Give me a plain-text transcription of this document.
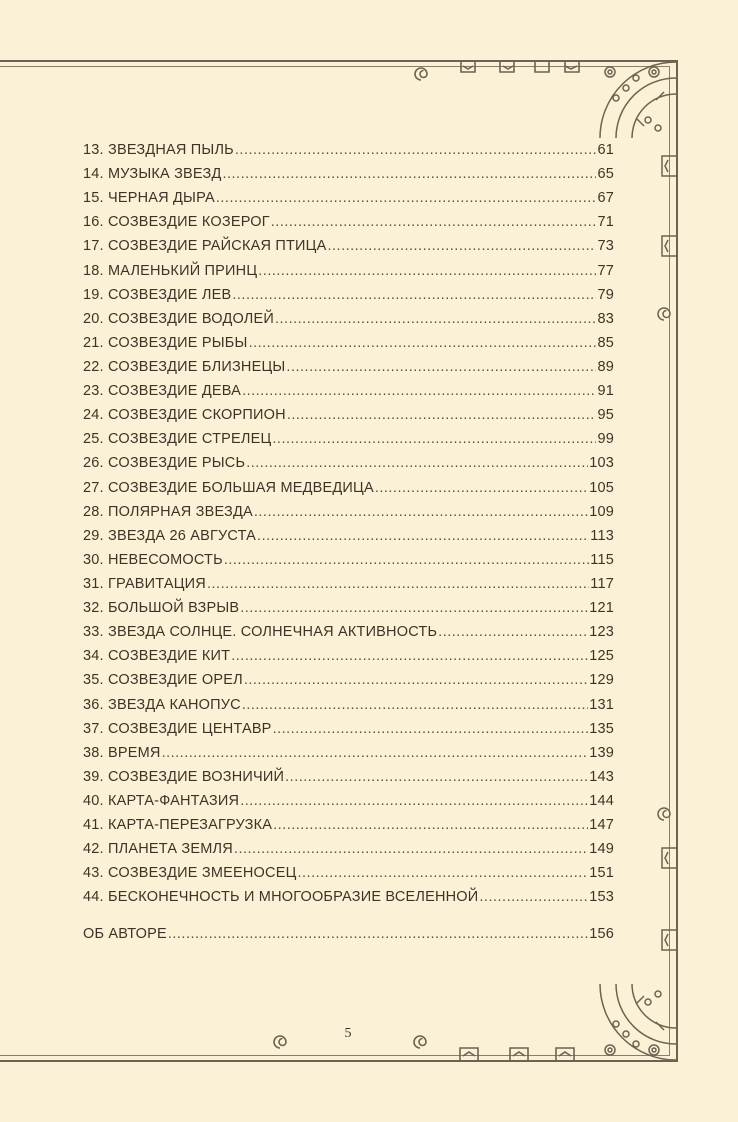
13. ЗВЕЗДНАЯ ПЫЛЬ .....	61
14. МУЗЫКА ЗВЕЗД .....	65
15. ЧЕРНАЯ ДЫРА .....	67
16. СОЗВЕЗДИЕ КОЗЕРОГ .....	71
17. СОЗВЕЗДИЕ РАЙСКАЯ ПТИЦА .....	73
18. МАЛЕНЬКИЙ ПРИНЦ .....	77
19. СОЗВЕЗДИЕ ЛЕВ .....	79
20. СОЗВЕЗДИЕ ВОДОЛЕЙ .....	83
21. СОЗВЕЗДИЕ РЫБЫ .....	85
22. СОЗВЕЗДИЕ БЛИЗНЕЦЫ .....	89
23. СОЗВЕЗДИЕ ДЕВА .....	91
24. СОЗВЕЗДИЕ СКОРПИОН .....	95
25. СОЗВЕЗДИЕ СТРЕЛЕЦ .....	99
26. СОЗВЕЗДИЕ РЫСЬ .....	103
27. СОЗВЕЗДИЕ БОЛЬШАЯ МЕДВЕДИЦА .....	105
28. ПОЛЯРНАЯ ЗВЕЗДА .....	109
29. ЗВЕЗДА 26 АВГУСТА .....	113
30. НЕВЕСОМОСТЬ .....	115
31. ГРАВИТАЦИЯ .....	117
32. БОЛЬШОЙ ВЗРЫВ .....	121
33. ЗВЕЗДА СОЛНЦЕ. СОЛНЕЧНАЯ АКТИВНОСТЬ .....	123
34. СОЗВЕЗДИЕ КИТ .....	125
35. СОЗВЕЗДИЕ ОРЕЛ .....	129
36. ЗВЕЗДА КАНОПУС .....	131
37. СОЗВЕЗДИЕ ЦЕНТАВР .....	135
38. ВРЕМЯ .....	139
39. СОЗВЕЗДИЕ ВОЗНИЧИЙ .....	143
40. КАРТА-ФАНТАЗИЯ .....	144
41. КАРТА-ПЕРЕЗАГРУЗКА .....	147
42. ПЛАНЕТА ЗЕМЛЯ .....	149
43. СОЗВЕЗДИЕ ЗМЕЕНОСЕЦ .....	151
44. БЕСКОНЕЧНОСТЬ И МНОГООБРАЗИЕ ВСЕЛЕННОЙ .....	153
ОБ АВТОРЕ .....	156
5
